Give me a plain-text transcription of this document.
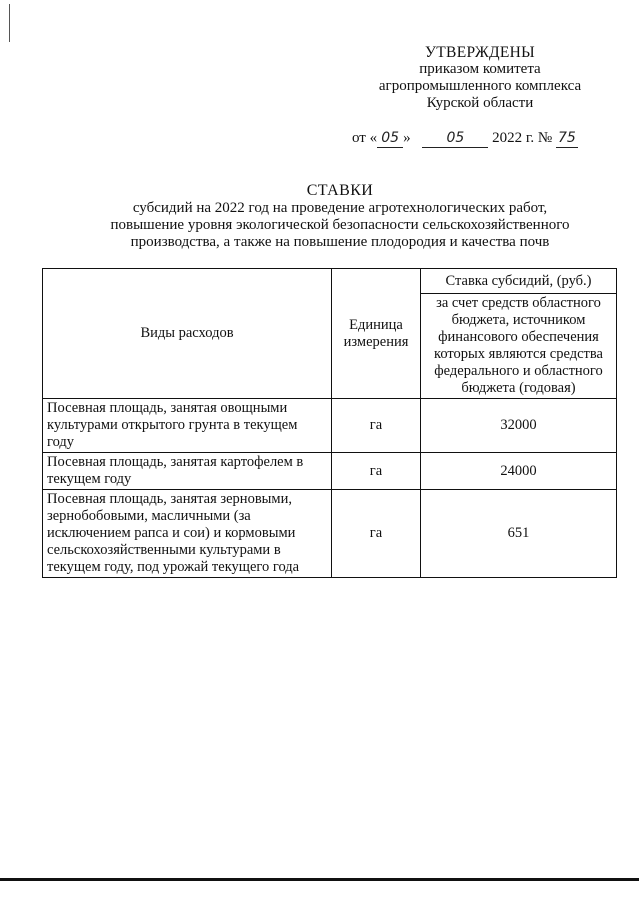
УТВЕРЖДЕНЫ
приказом комитета
агропромышленного комплекса
Курской области
от « 05 »	05 2022 г. № 75
СТАВКИ
субсидий на 2022 год на проведение агротехнологических работ,
повышение уровня экологической безопасности сельскохозяйственного
производства, а также на повышение плодородия и качества почв
Виды расходов	Единица измерения	Ставка субсидий, (руб.)
		за счет средств областного бюджета, источником финансового обеспечения которых являются средства федерального и областного бюджета (годовая)
Посевная площадь, занятая овощными культурами открытого грунта в текущем году	га	32000
Посевная площадь, занятая картофелем в текущем году	га	24000
Посевная площадь, занятая зерновыми, зернобобовыми, масличными (за исключением рапса и сои) и кормовыми сельскохозяйственными культурами в текущем году, под урожай текущего года	га	651
